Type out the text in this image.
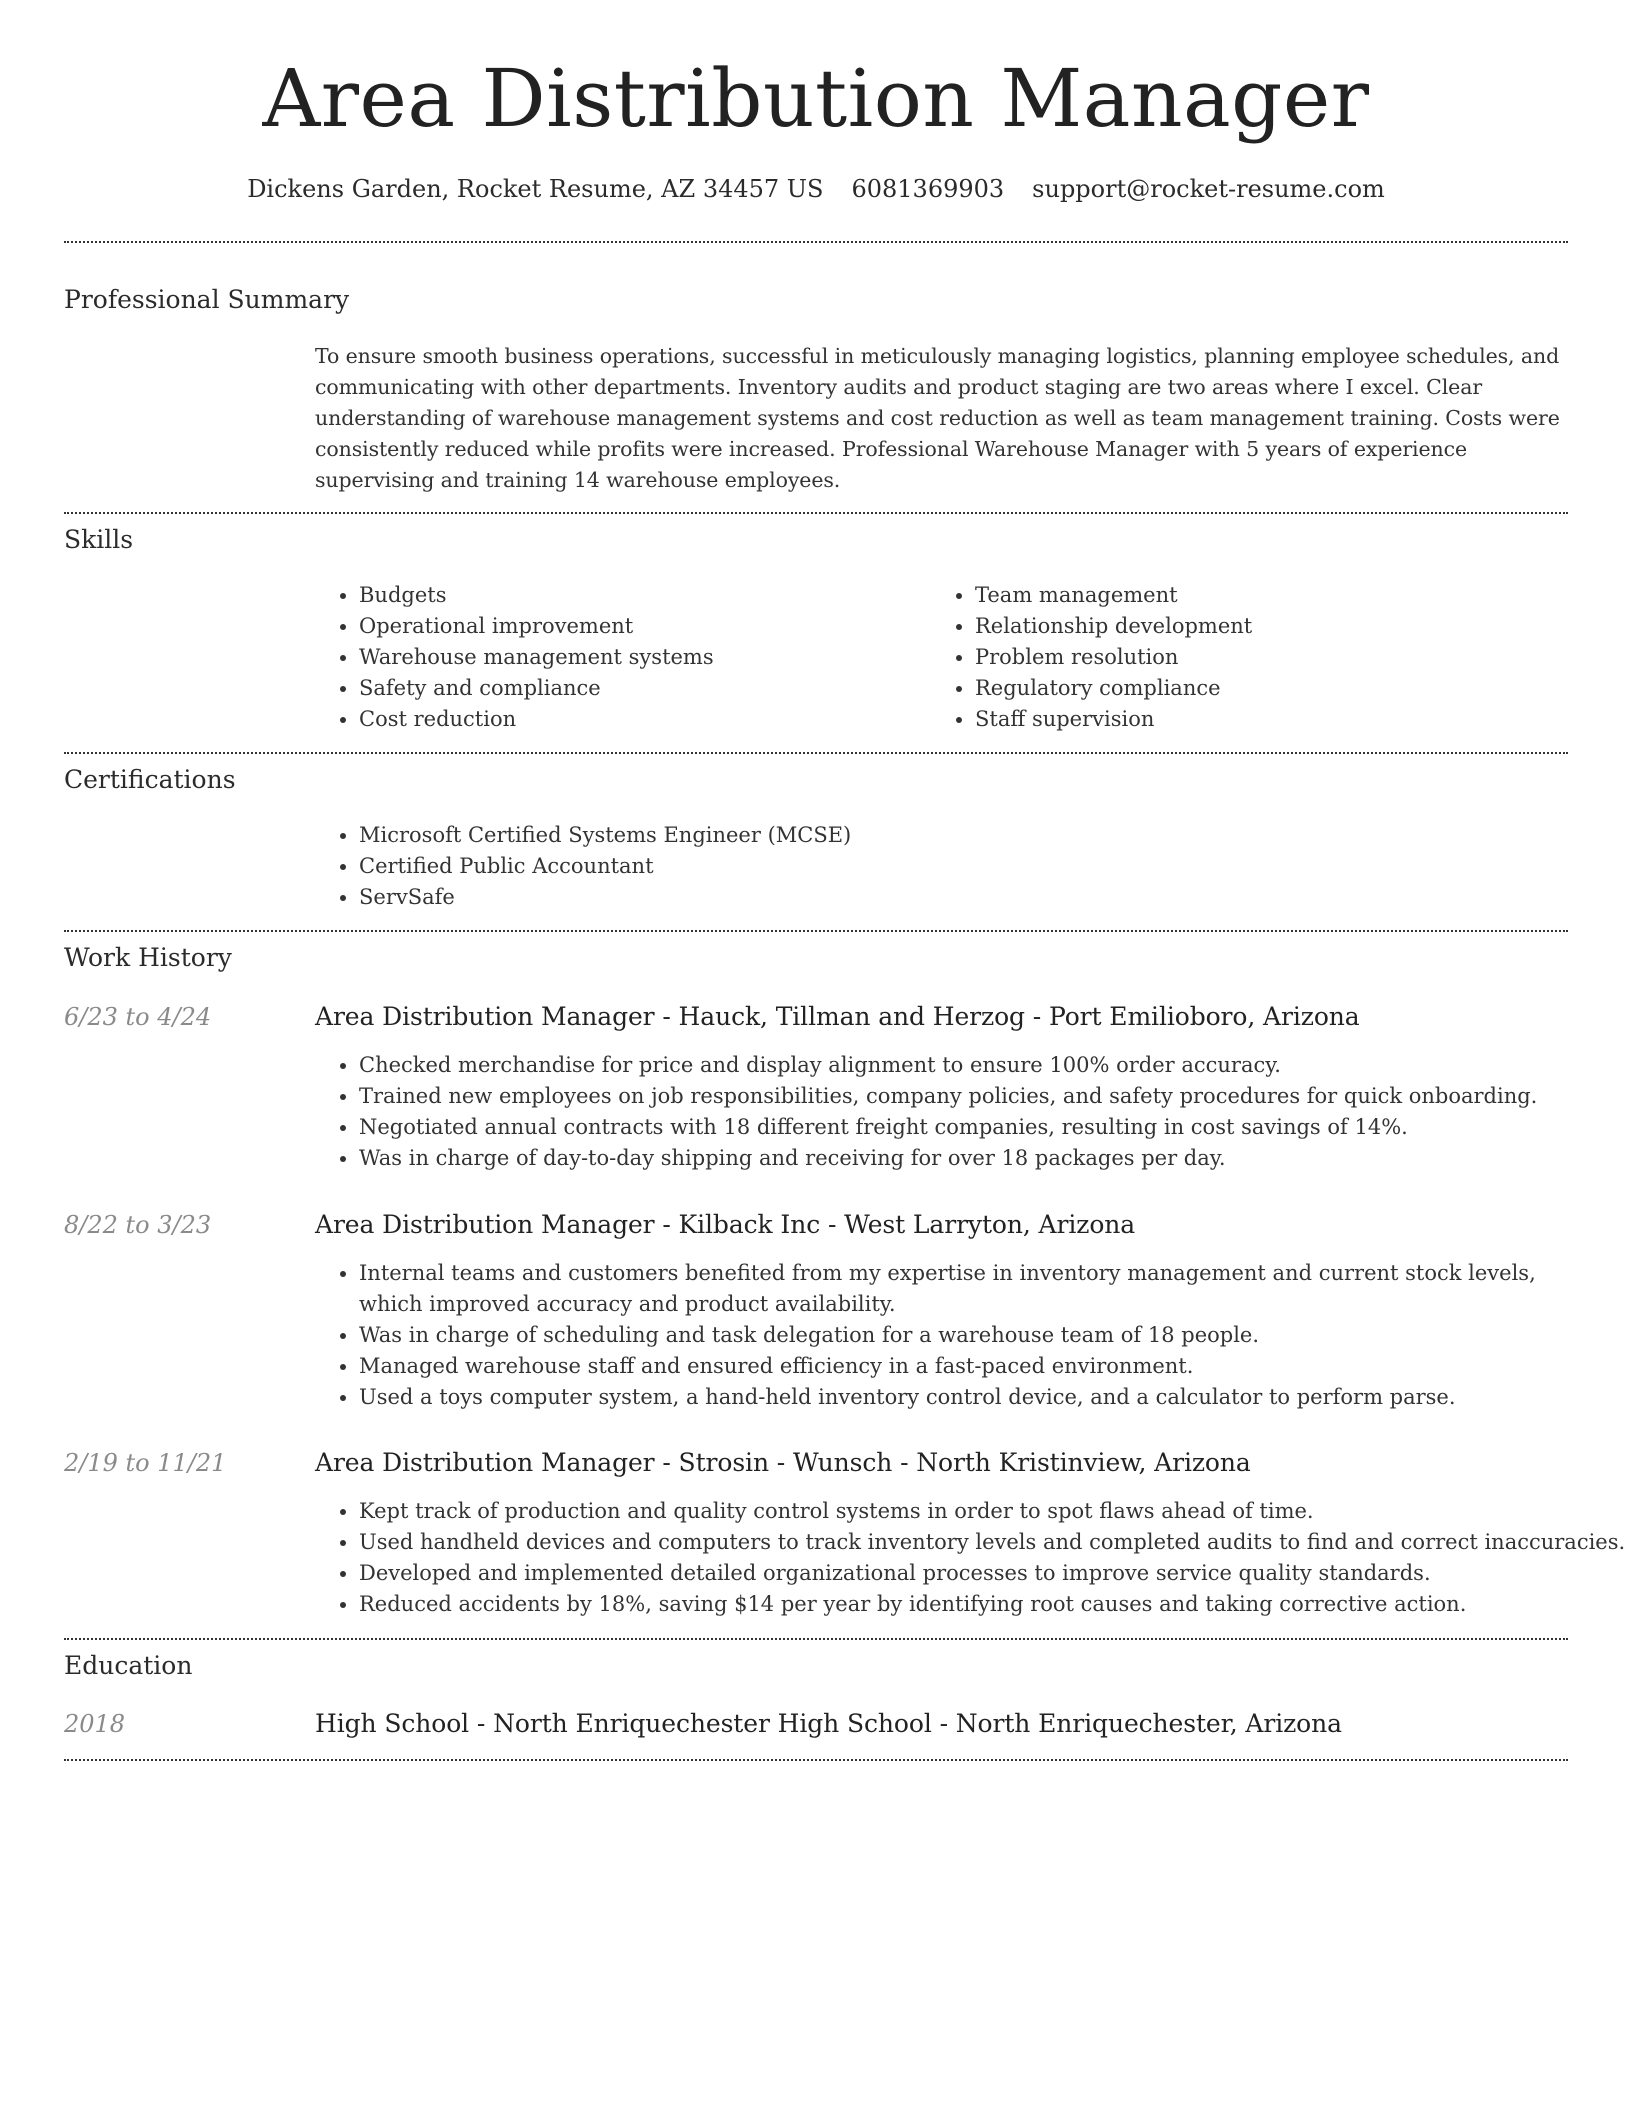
Area Distribution Manager
Dickens Garden, Rocket Resume, AZ 34457 US 6081369903 support@rocket-resume.com
Professional Summary
To ensure smooth business operations, successful in meticulously managing logistics, planning employee schedules, and communicating with other departments. Inventory audits and product staging are two areas where I excel. Clear understanding of warehouse management systems and cost reduction as well as team management training. Costs were consistently reduced while profits were increased. Professional Warehouse Manager with 5 years of experience supervising and training 14 warehouse employees.
Skills
• Budgets
• Operational improvement
• Warehouse management systems
• Safety and compliance
• Cost reduction
• Team management
• Relationship development
• Problem resolution
• Regulatory compliance
• Staff supervision
Certifications
• Microsoft Certified Systems Engineer (MCSE)
• Certified Public Accountant
• ServSafe
Work History
6/23 to 4/24	Area Distribution Manager - Hauck, Tillman and Herzog - Port Emilioboro, Arizona
• Checked merchandise for price and display alignment to ensure 100% order accuracy.
• Trained new employees on job responsibilities, company policies, and safety procedures for quick onboarding.
• Negotiated annual contracts with 18 different freight companies, resulting in cost savings of 14%.
• Was in charge of day-to-day shipping and receiving for over 18 packages per day.
8/22 to 3/23	Area Distribution Manager - Kilback Inc - West Larryton, Arizona
• Internal teams and customers benefited from my expertise in inventory management and current stock levels, which improved accuracy and product availability.
• Was in charge of scheduling and task delegation for a warehouse team of 18 people.
• Managed warehouse staff and ensured efficiency in a fast-paced environment.
• Used a toys computer system, a hand-held inventory control device, and a calculator to perform parse.
2/19 to 11/21	Area Distribution Manager - Strosin - Wunsch - North Kristinview, Arizona
• Kept track of production and quality control systems in order to spot flaws ahead of time.
• Used handheld devices and computers to track inventory levels and completed audits to find and correct inaccuracies.
• Developed and implemented detailed organizational processes to improve service quality standards.
• Reduced accidents by 18%, saving $14 per year by identifying root causes and taking corrective action.
Education
2018	High School - North Enriquechester High School - North Enriquechester, Arizona
